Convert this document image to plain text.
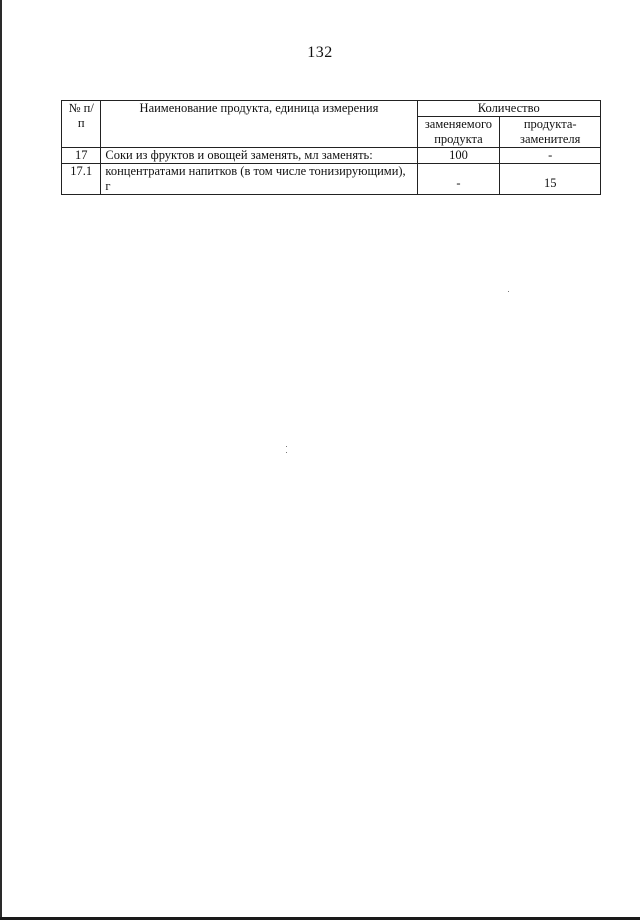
132
№ п/п	Наименование продукта, единица измерения	Количество	
		заменяемого продукта	продукта-заменителя
17	Соки из фруктов и овощей заменять, мл заменять:	100	-
17.1	концентратами напитков (в том числе тонизирующими), г	-	15
